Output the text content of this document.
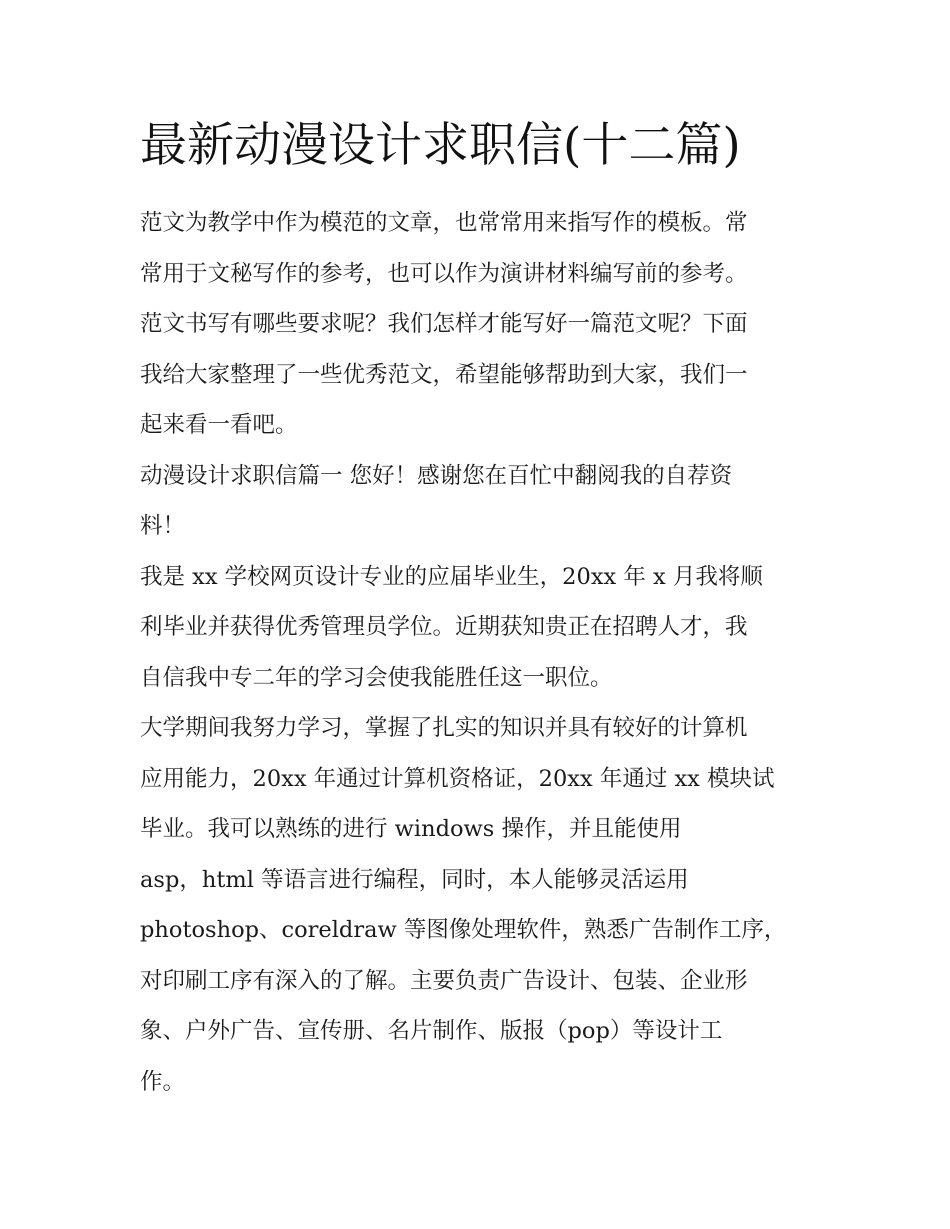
最新动漫设计求职信(十二篇)
范文为教学中作为模范的文章，也常常用来指写作的模板。常
常用于文秘写作的参考，也可以作为演讲材料编写前的参考。
范文书写有哪些要求呢？我们怎样才能写好一篇范文呢？下面
我给大家整理了一些优秀范文，希望能够帮助到大家，我们一
起来看一看吧。
动漫设计求职信篇一 您好！感谢您在百忙中翻阅我的自荐资
料！
我是 xx 学校网页设计专业的应届毕业生，20xx 年 x 月我将顺
利毕业并获得优秀管理员学位。近期获知贵正在招聘人才，我
自信我中专二年的学习会使我能胜任这一职位。
大学期间我努力学习，掌握了扎实的知识并具有较好的计算机
应用能力，20xx 年通过计算机资格证，20xx 年通过 xx 模块试
毕业。我可以熟练的进行 windows 操作，并且能使用
asp，html 等语言进行编程，同时，本人能够灵活运用
photoshop、coreldraw 等图像处理软件，熟悉广告制作工序，
对印刷工序有深入的了解。主要负责广告设计、包装、企业形
象、户外广告、宣传册、名片制作、版报（pop）等设计工
作。
